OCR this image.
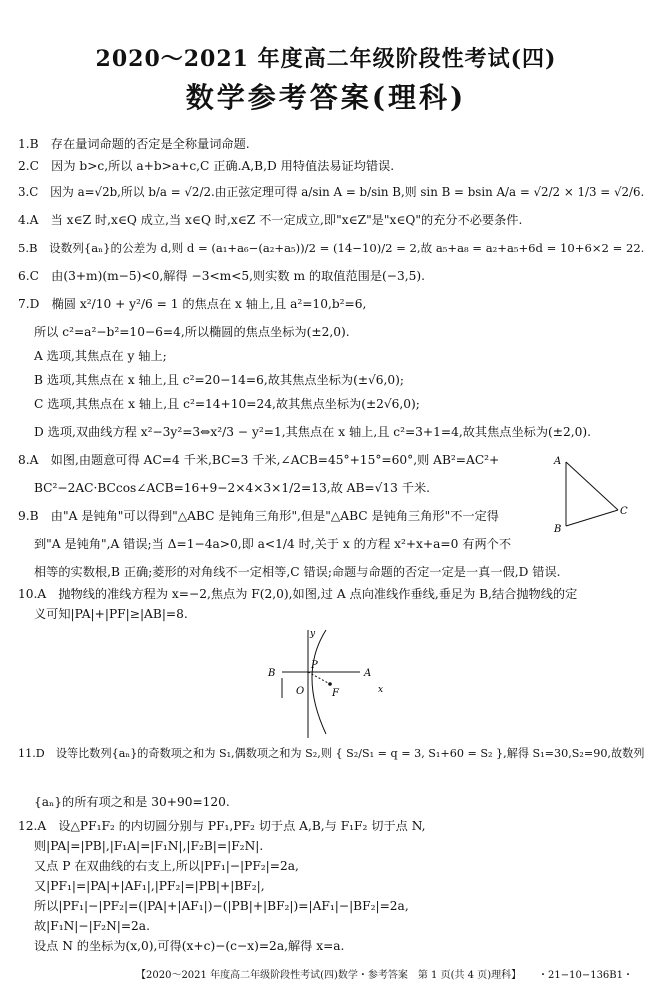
2020～2021 年度高二年级阶段性考试(四)
数学参考答案(理科)
1.B　存在量词命题的否定是全称量词命题.
2.C　因为 b>c,所以 a+b>a+c,C 正确.A,B,D 用特值法易证均错误.
3.C　因为 a=√2b,所以 b/a = √2/2.由正弦定理可得 a/sin A = b/sin B,则 sin B = bsin A/a = √2/2 × 1/3 = √2/6.
4.A　当 x∈Z 时,x∈Q 成立,当 x∈Q 时,x∈Z 不一定成立,即"x∈Z"是"x∈Q"的充分不必要条件.
5.B　设数列{aₙ}的公差为 d,则 d = (a₁+a₆−(a₂+a₅))/2 = (14−10)/2 = 2,故 a₅+a₈ = a₂+a₅+6d = 10+6×2 = 22.
6.C　由(3+m)(m−5)<0,解得 −3<m<5,则实数 m 的取值范围是(−3,5).
7.D　椭圆 x²/10 + y²/6 = 1 的焦点在 x 轴上,且 a²=10,b²=6,
所以 c²=a²−b²=10−6=4,所以椭圆的焦点坐标为(±2,0).
A 选项,其焦点在 y 轴上;
B 选项,其焦点在 x 轴上,且 c²=20−14=6,故其焦点坐标为(±√6,0);
C 选项,其焦点在 x 轴上,且 c²=14+10=24,故其焦点坐标为(±2√6,0);
D 选项,双曲线方程 x²−3y²=3⇔x²/3 − y²=1,其焦点在 x 轴上,且 c²=3+1=4,故其焦点坐标为(±2,0).
8.A　如图,由题意可得 AC=4 千米,BC=3 千米,∠ACB=45°+15°=60°,则 AB²=AC²+
BC²−2AC·BCcos∠ACB=16+9−2×4×3×1/2=13,故 AB=√13 千米.
9.B　由"A 是钝角"可以得到"△ABC 是钝角三角形",但是"△ABC 是钝角三角形"不一定得
到"A 是钝角",A 错误;当 Δ=1−4a>0,即 a<1/4 时,关于 x 的方程 x²+x+a=0 有两个不
相等的实数根,B 正确;菱形的对角线不一定相等,C 错误;命题与命题的否定一定是一真一假,D 错误.
10.A　抛物线的准线方程为 x=−2,焦点为 F(2,0),如图,过 A 点向准线作垂线,垂足为 B,结合抛物线的定
义可知|PA|+|PF|≥|AB|=8.
A
B
C
y
B	A
P
O	F	x
11.D　设等比数列{aₙ}的奇数项之和为 S₁,偶数项之和为 S₂,则 { S₂/S₁ = q = 3, S₁+60 = S₂ },解得 S₁=30,S₂=90,故数列
{aₙ}的所有项之和是 30+90=120.
12.A　设△PF₁F₂ 的内切圆分别与 PF₁,PF₂ 切于点 A,B,与 F₁F₂ 切于点 N,
则|PA|=|PB|,|F₁A|=|F₁N|,|F₂B|=|F₂N|.
又点 P 在双曲线的右支上,所以|PF₁|−|PF₂|=2a,
又|PF₁|=|PA|+|AF₁|,|PF₂|=|PB|+|BF₂|,
所以|PF₁|−|PF₂|=(|PA|+|AF₁|)−(|PB|+|BF₂|)=|AF₁|−|BF₂|=2a,
故|F₁N|−|F₂N|=2a.
设点 N 的坐标为(x,0),可得(x+c)−(c−x)=2a,解得 x=a.
【2020～2021 年度高二年级阶段性考试(四)数学・参考答案　第 1 页(共 4 页)理科】 ・21−10−136B1・
